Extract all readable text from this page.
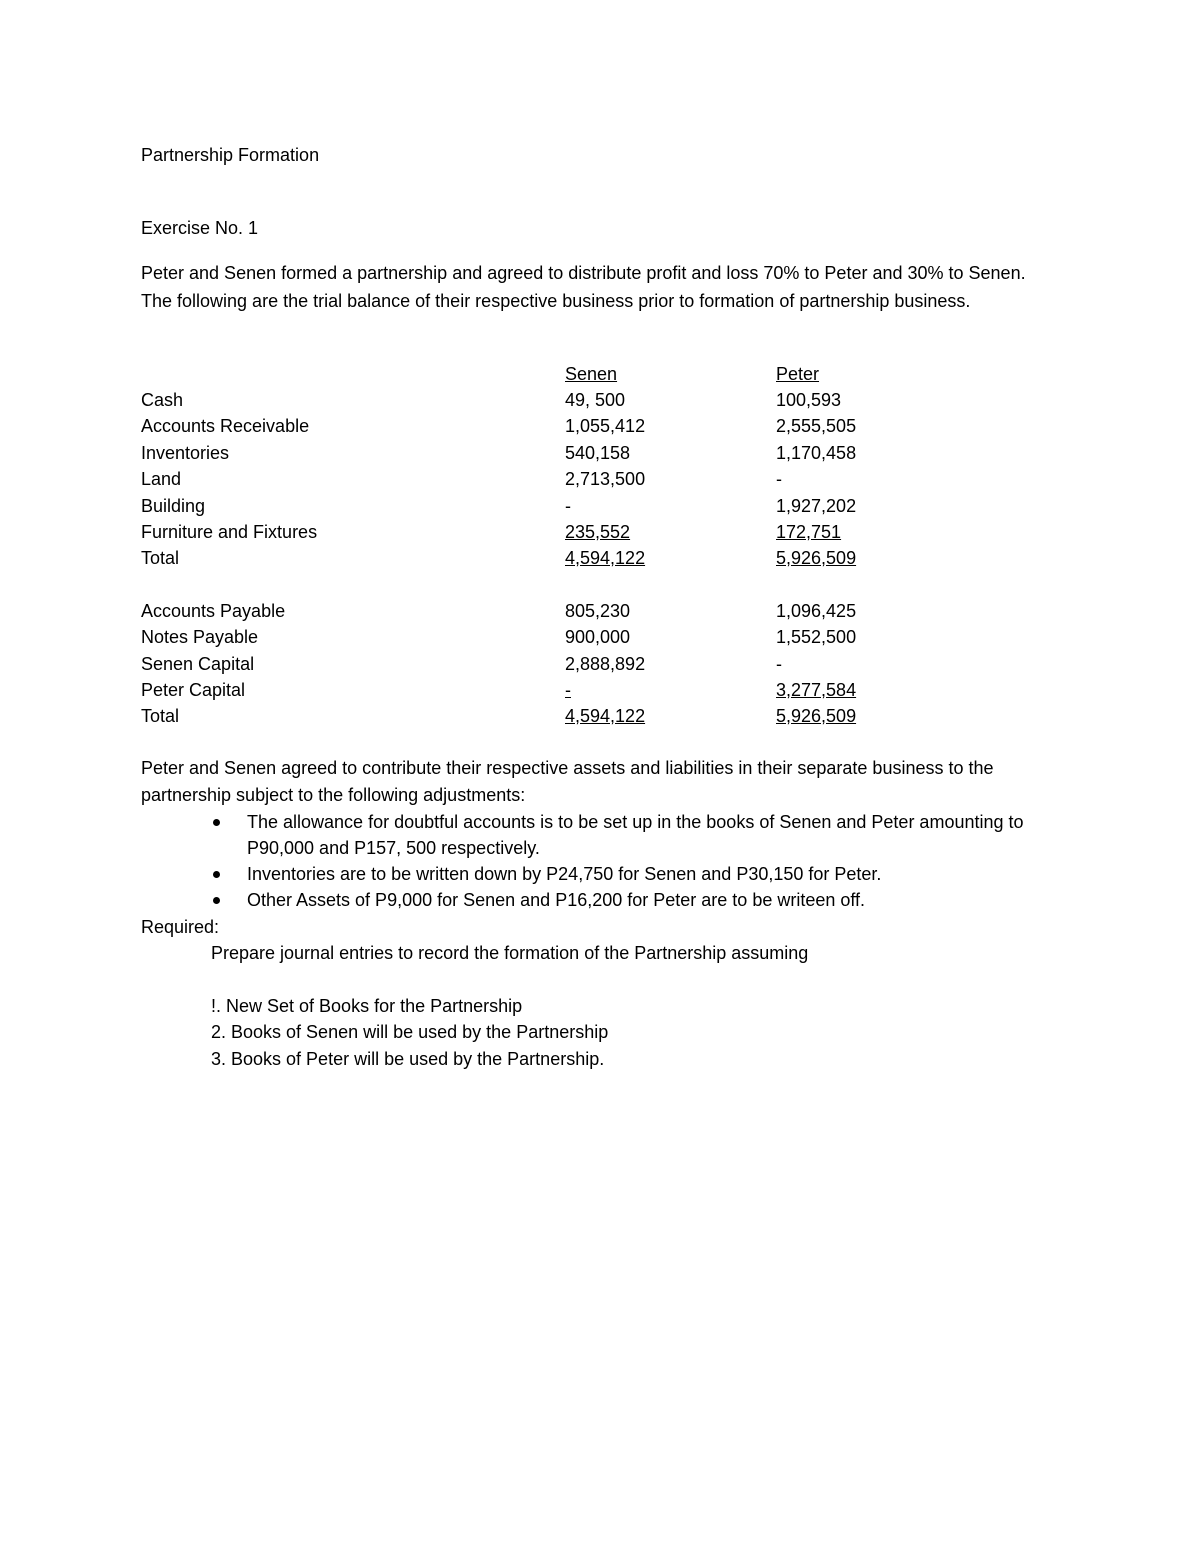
Partnership Formation
Exercise No. 1
Peter and Senen formed a partnership and agreed to distribute profit and loss 70% to Peter and 30% to Senen. The following are the trial balance of their respective business prior to formation of partnership business.
Senen	Peter
Cash	49, 500	100,593
Accounts Receivable	1,055,412	2,555,505
Inventories	540,158	1,170,458
Land	2,713,500	-
Building	-	1,927,202
Furniture and Fixtures	235,552	172,751
Total	4,594,122	5,926,509
Accounts Payable	805,230	1,096,425
Notes Payable	900,000	1,552,500
Senen Capital	2,888,892	-
Peter Capital	-	3,277,584
Total	4,594,122	5,926,509
Peter and Senen agreed to contribute their respective assets and liabilities in their separate business to the partnership subject to the following adjustments:
The allowance for doubtful accounts is to be set up in the books of Senen and Peter amounting to P90,000 and P157, 500 respectively.
Inventories are to be written down by P24,750 for Senen and P30,150 for Peter.
Other Assets of P9,000 for Senen and P16,200 for Peter are to be writeen off.
Required:
Prepare journal entries to record the formation of the Partnership assuming
!. New Set of Books for the Partnership
2. Books of Senen will be used by the Partnership
3. Books of Peter will be used by the Partnership.
